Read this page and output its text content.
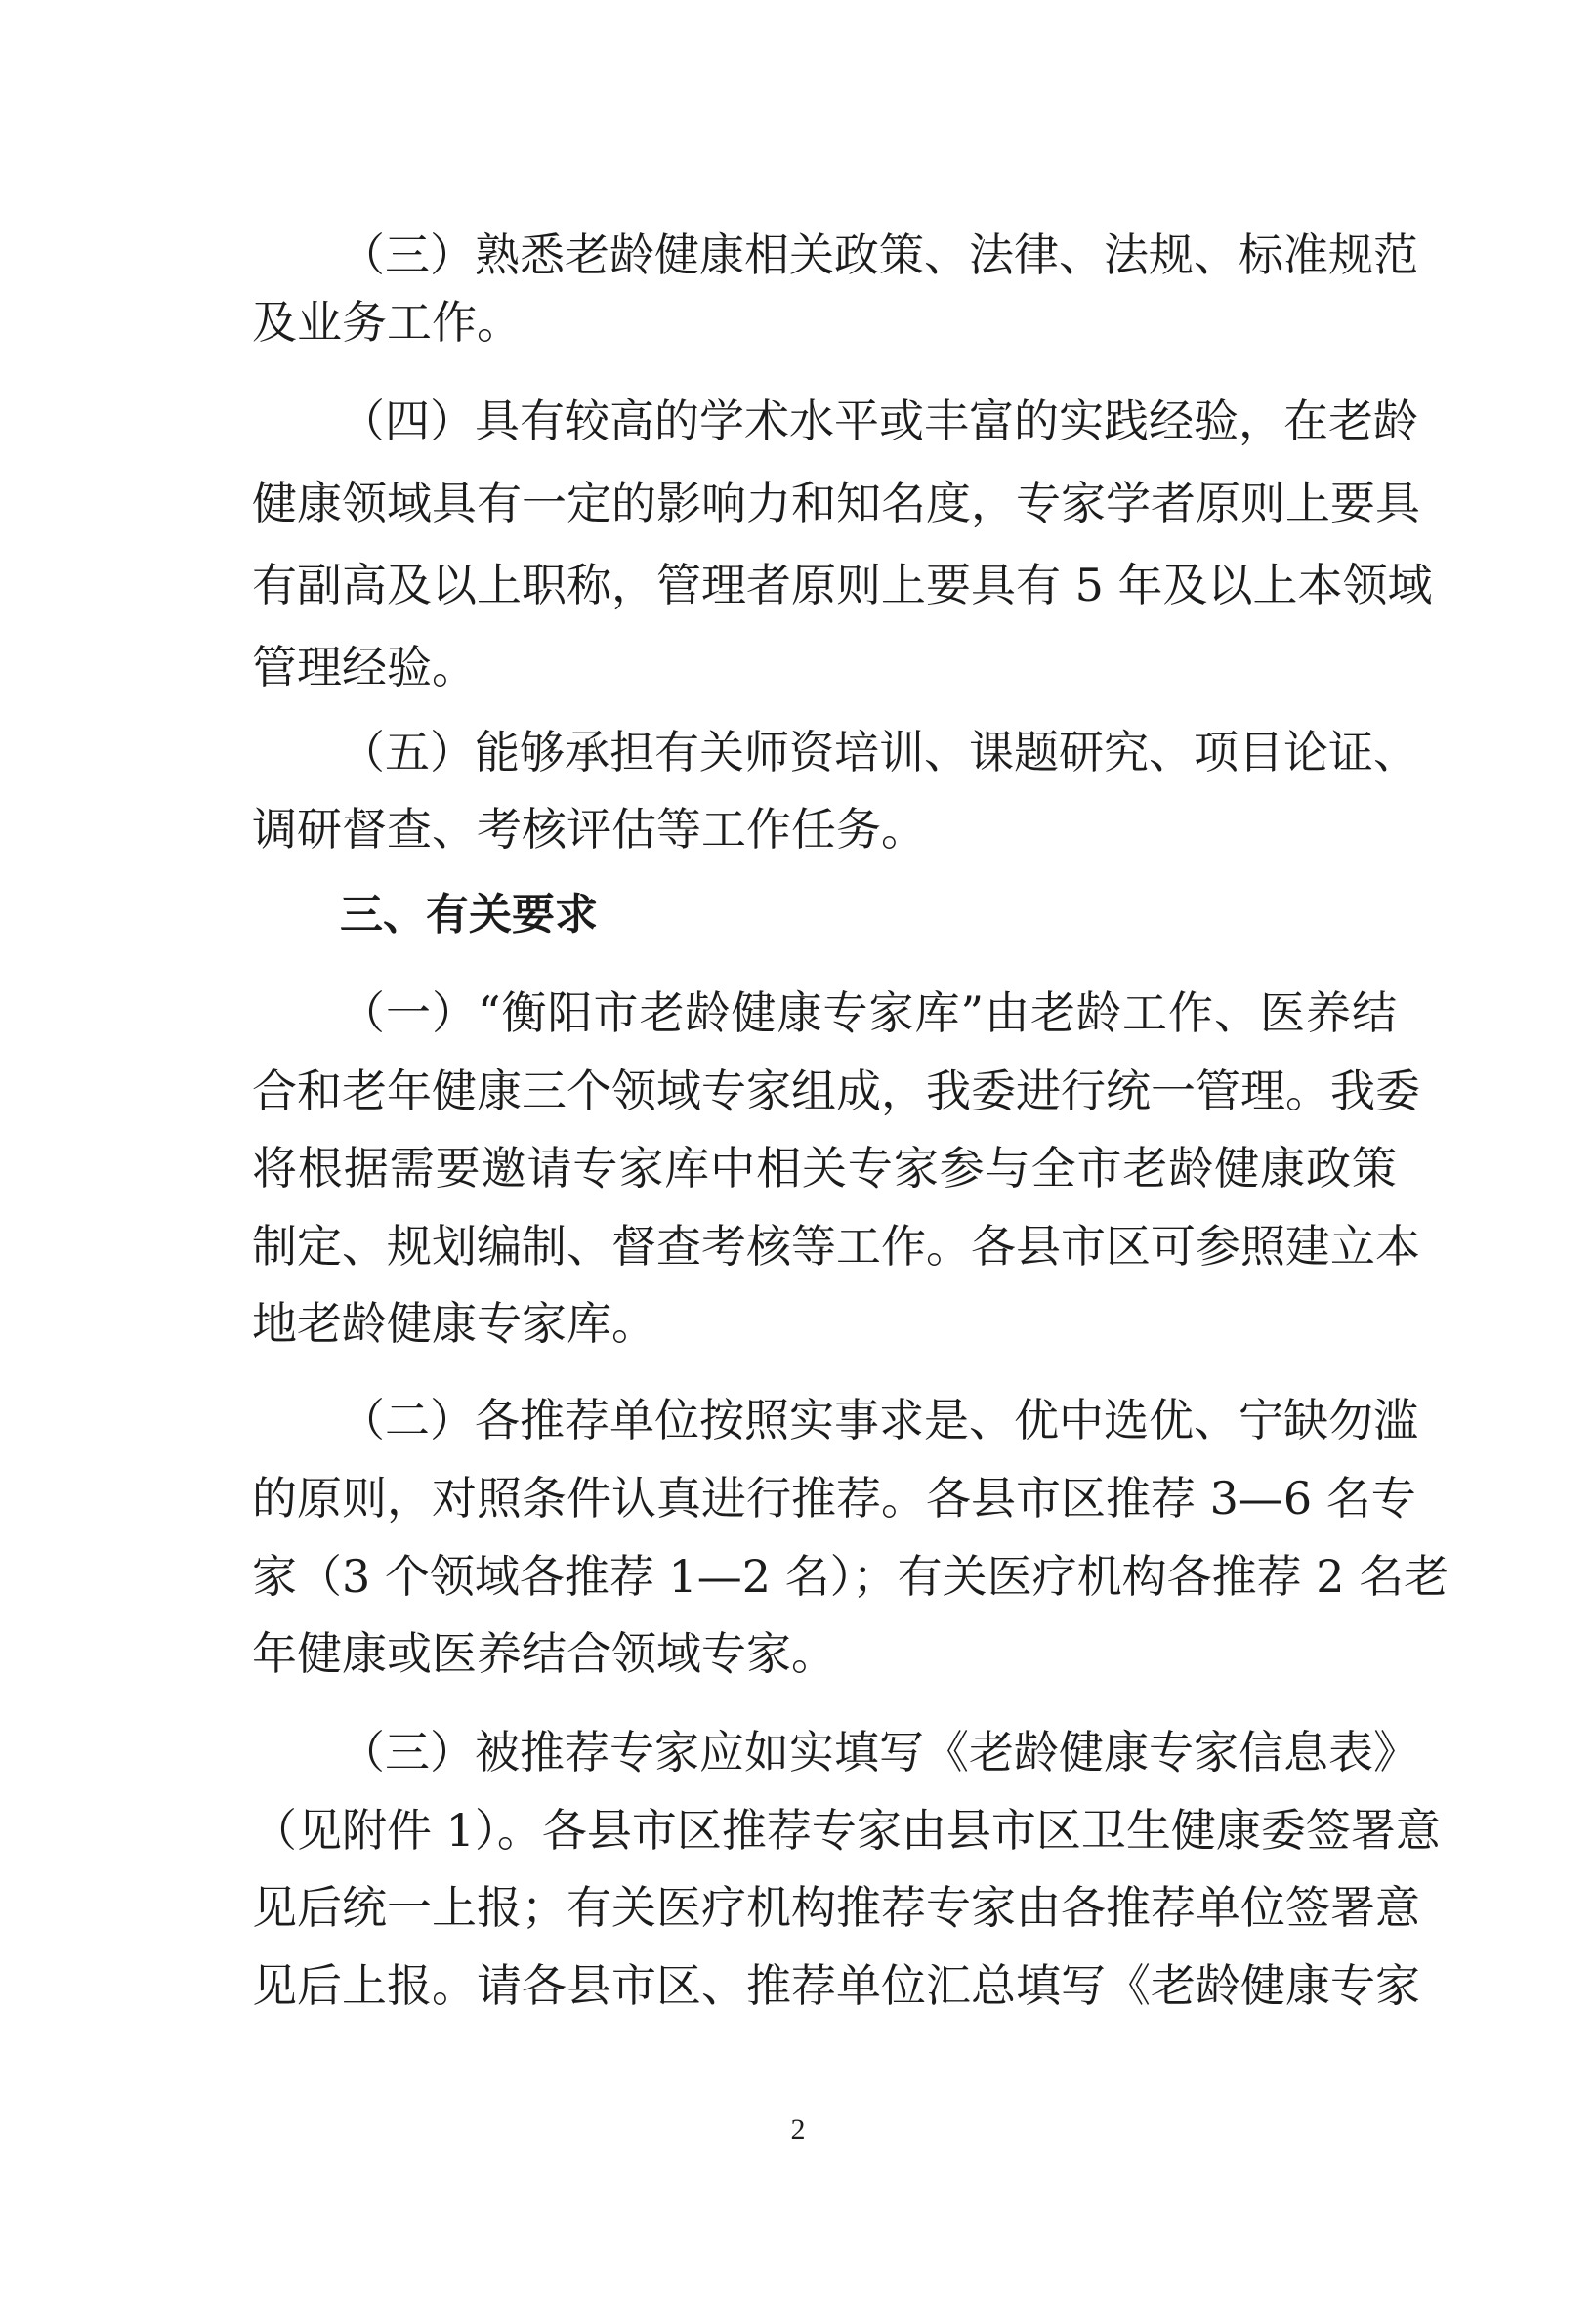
（三）熟悉老龄健康相关政策、法律、法规、标准规范
及业务工作。
（四）具有较高的学术水平或丰富的实践经验，在老龄
健康领域具有一定的影响力和知名度，专家学者原则上要具
有副高及以上职称，管理者原则上要具有 5 年及以上本领域
管理经验。
（五）能够承担有关师资培训、课题研究、项目论证、
调研督查、考核评估等工作任务。
三、有关要求
（一）“衡阳市老龄健康专家库”由老龄工作、医养结
合和老年健康三个领域专家组成，我委进行统一管理。我委
将根据需要邀请专家库中相关专家参与全市老龄健康政策
制定、规划编制、督查考核等工作。各县市区可参照建立本
地老龄健康专家库。
（二）各推荐单位按照实事求是、优中选优、宁缺勿滥
的原则，对照条件认真进行推荐。各县市区推荐 3—6 名专
家（3 个领域各推荐 1—2 名）；有关医疗机构各推荐 2 名老
年健康或医养结合领域专家。
（三）被推荐专家应如实填写《老龄健康专家信息表》
（见附件 1）。各县市区推荐专家由县市区卫生健康委签署意
见后统一上报；有关医疗机构推荐专家由各推荐单位签署意
见后上报。请各县市区、推荐单位汇总填写《老龄健康专家
2
